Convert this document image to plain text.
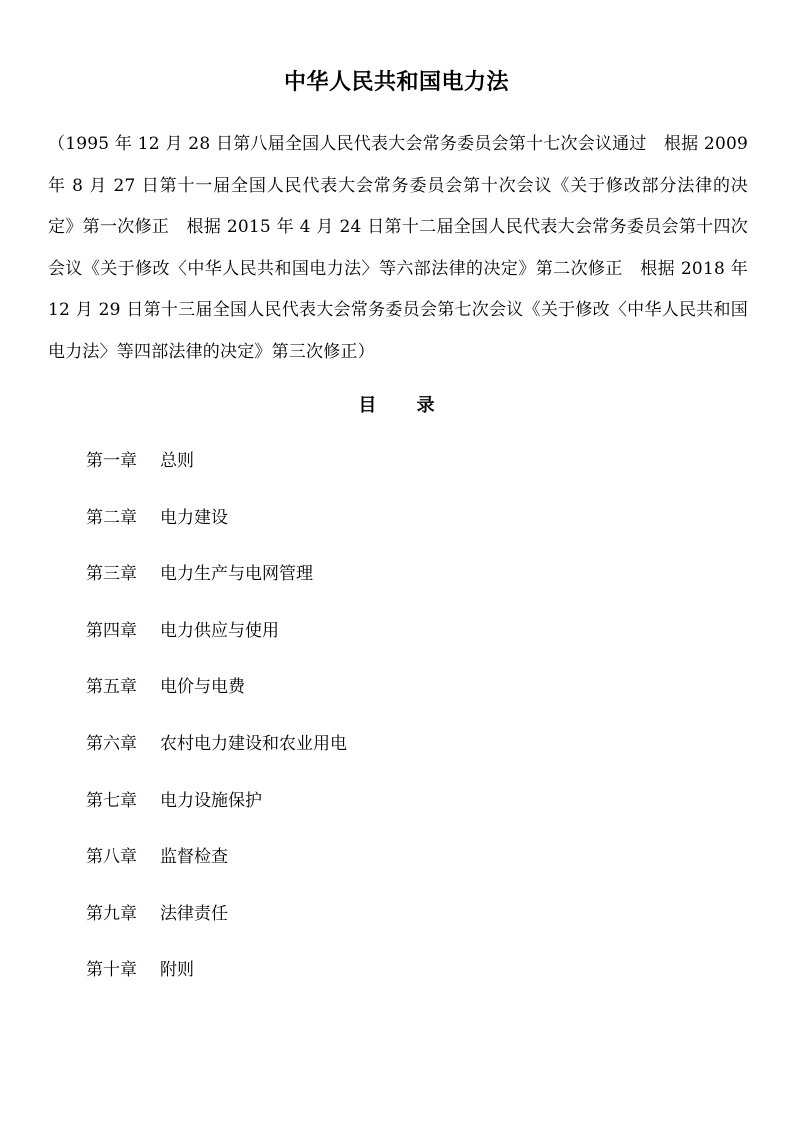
中华人民共和国电力法
（1995 年 12 月 28 日第八届全国人民代表大会常务委员会第十七次会议通过　根据 2009 年 8 月 27 日第十一届全国人民代表大会常务委员会第十次会议《关于修改部分法律的决定》第一次修正　根据 2015 年 4 月 24 日第十二届全国人民代表大会常务委员会第十四次会议《关于修改〈中华人民共和国电力法〉等六部法律的决定》第二次修正　根据 2018 年 12 月 29 日第十三届全国人民代表大会常务委员会第七次会议《关于修改〈中华人民共和国电力法〉等四部法律的决定》第三次修正）
目 录
第一章 总则
第二章 电力建设
第三章 电力生产与电网管理
第四章 电力供应与使用
第五章 电价与电费
第六章 农村电力建设和农业用电
第七章 电力设施保护
第八章 监督检查
第九章 法律责任
第十章 附则
